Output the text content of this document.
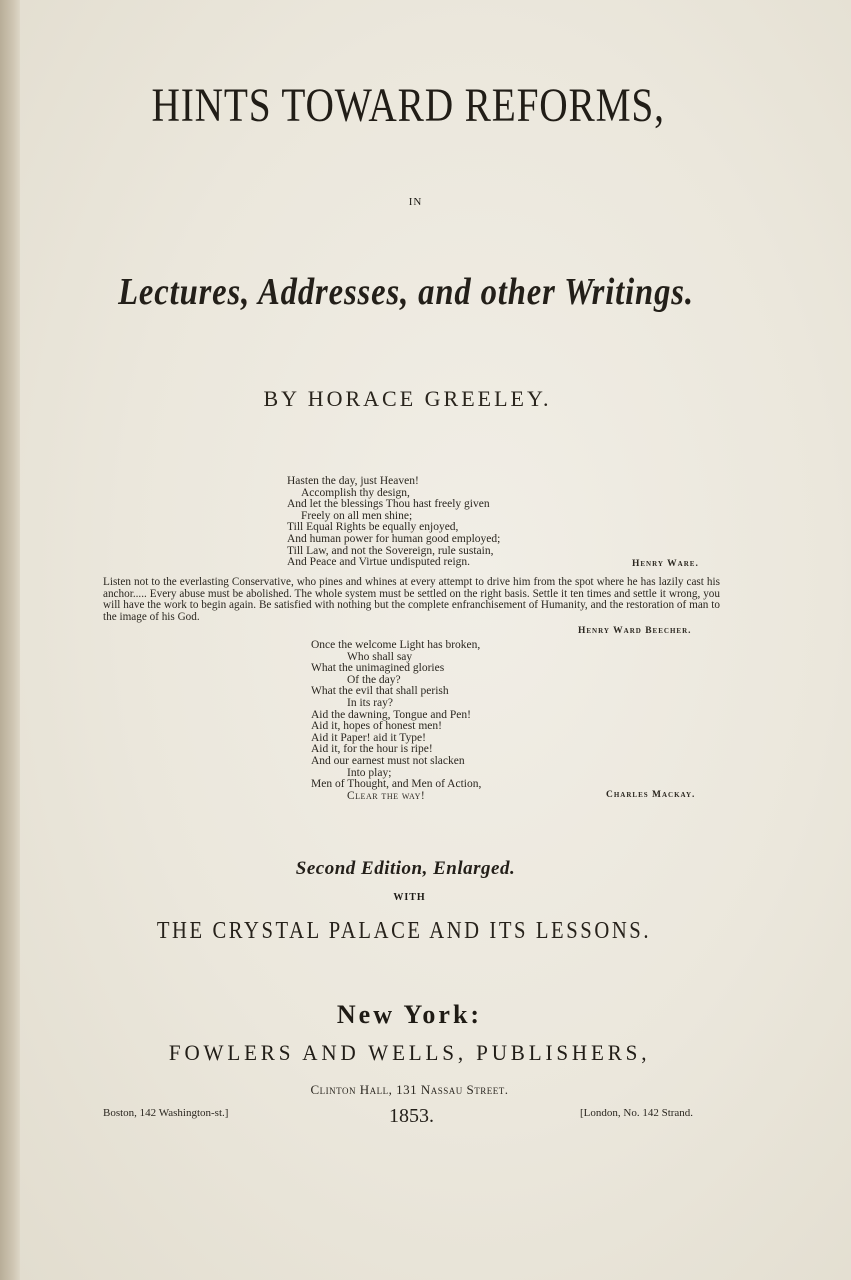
HINTS TOWARD REFORMS,
IN
Lectures, Addresses, and other Writings.
BY HORACE GREELEY.
Hasten the day, just Heaven!
Accomplish thy design,
And let the blessings Thou hast freely given
Freely on all men shine;
Till Equal Rights be equally enjoyed,
And human power for human good employed;
Till Law, and not the Sovereign, rule sustain,
And Peace and Virtue undisputed reign.	Henry Ware.
Listen not to the everlasting Conservative, who pines and whines at every attempt to drive him from the spot where he has lazily cast his anchor..... Every abuse must be abolished. The whole system must be settled on the right basis. Settle it ten times and settle it wrong, you will have the work to begin again. Be satisfied with nothing but the complete enfranchisement of Humanity, and the restoration of man to the image of his God.
Henry Ward Beecher.
Once the welcome Light has broken,
Who shall say
What the unimagined glories
Of the day?
What the evil that shall perish
In its ray?
Aid the dawning, Tongue and Pen!
Aid it, hopes of honest men!
Aid it Paper! aid it Type!
Aid it, for the hour is ripe!
And our earnest must not slacken
Into play;
Men of Thought, and Men of Action,
Clear the way!	Charles Mackay.
Second Edition, Enlarged.
WITH
THE CRYSTAL PALACE AND ITS LESSONS.
New York:
FOWLERS AND WELLS, PUBLISHERS,
Clinton Hall, 131 Nassau Street.
Boston, 142 Washington-st.]	1853.	[London, No. 142 Strand.
